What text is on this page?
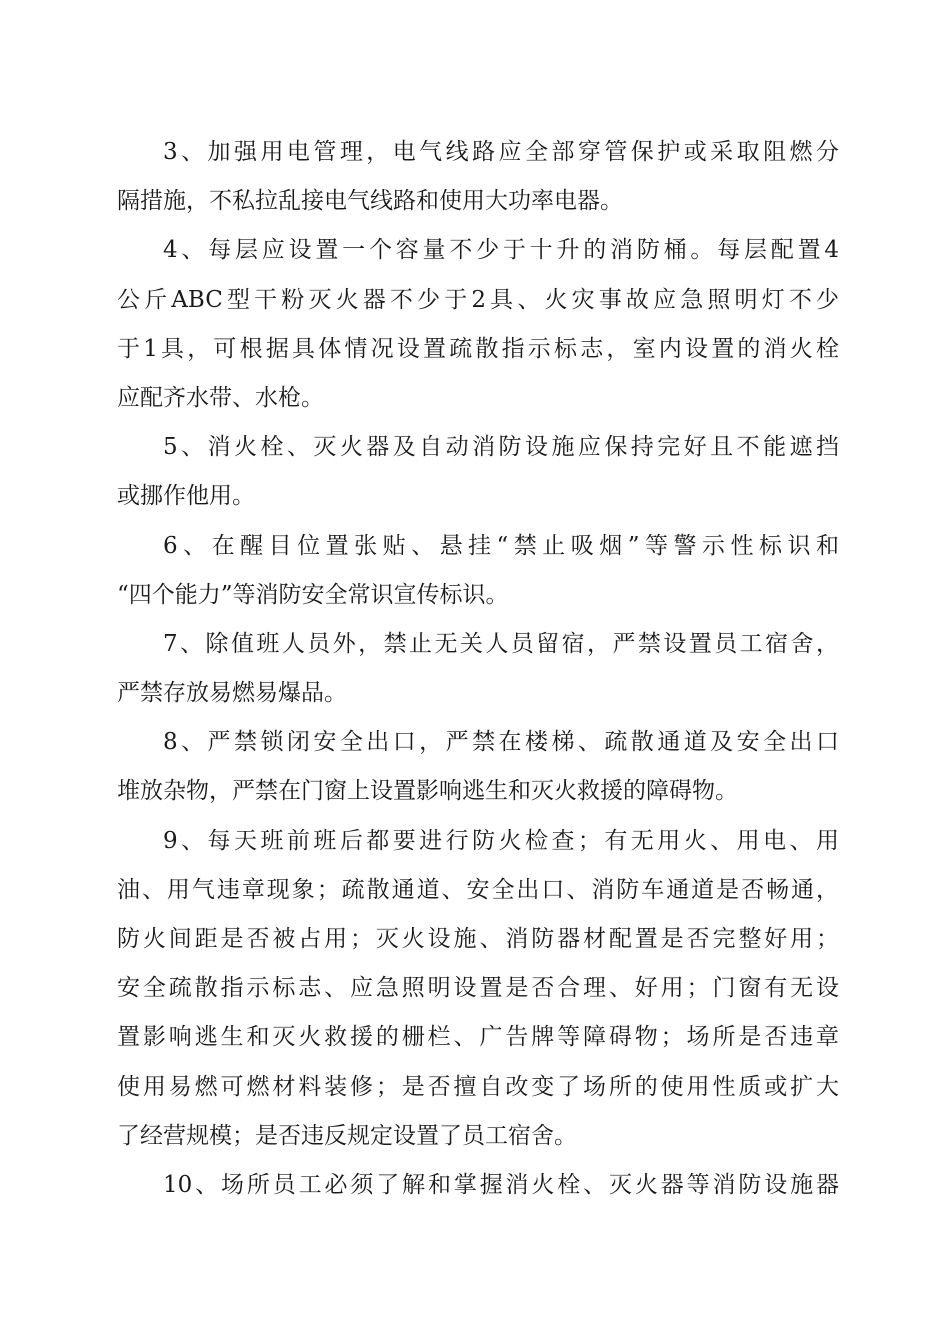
3、加强用电管理，电气线路应全部穿管保护或采取阻燃分
隔措施，不私拉乱接电气线路和使用大功率电器。
4、每层应设置一个容量不少于十升的消防桶。每层配置4
公斤ABC型干粉灭火器不少于2具、火灾事故应急照明灯不少
于1具，可根据具体情况设置疏散指示标志，室内设置的消火栓
应配齐水带、水枪。
5、消火栓、灭火器及自动消防设施应保持完好且不能遮挡
或挪作他用。
6、在醒目位置张贴、悬挂“禁止吸烟”等警示性标识和
“四个能力”等消防安全常识宣传标识。
7、除值班人员外，禁止无关人员留宿，严禁设置员工宿舍，
严禁存放易燃易爆品。
8、严禁锁闭安全出口，严禁在楼梯、疏散通道及安全出口
堆放杂物，严禁在门窗上设置影响逃生和灭火救援的障碍物。
9、每天班前班后都要进行防火检查；有无用火、用电、用
油、用气违章现象；疏散通道、安全出口、消防车通道是否畅通，
防火间距是否被占用；灭火设施、消防器材配置是否完整好用；
安全疏散指示标志、应急照明设置是否合理、好用；门窗有无设
置影响逃生和灭火救援的栅栏、广告牌等障碍物；场所是否违章
使用易燃可燃材料装修；是否擅自改变了场所的使用性质或扩大
了经营规模；是否违反规定设置了员工宿舍。
10、场所员工必须了解和掌握消火栓、灭火器等消防设施器
